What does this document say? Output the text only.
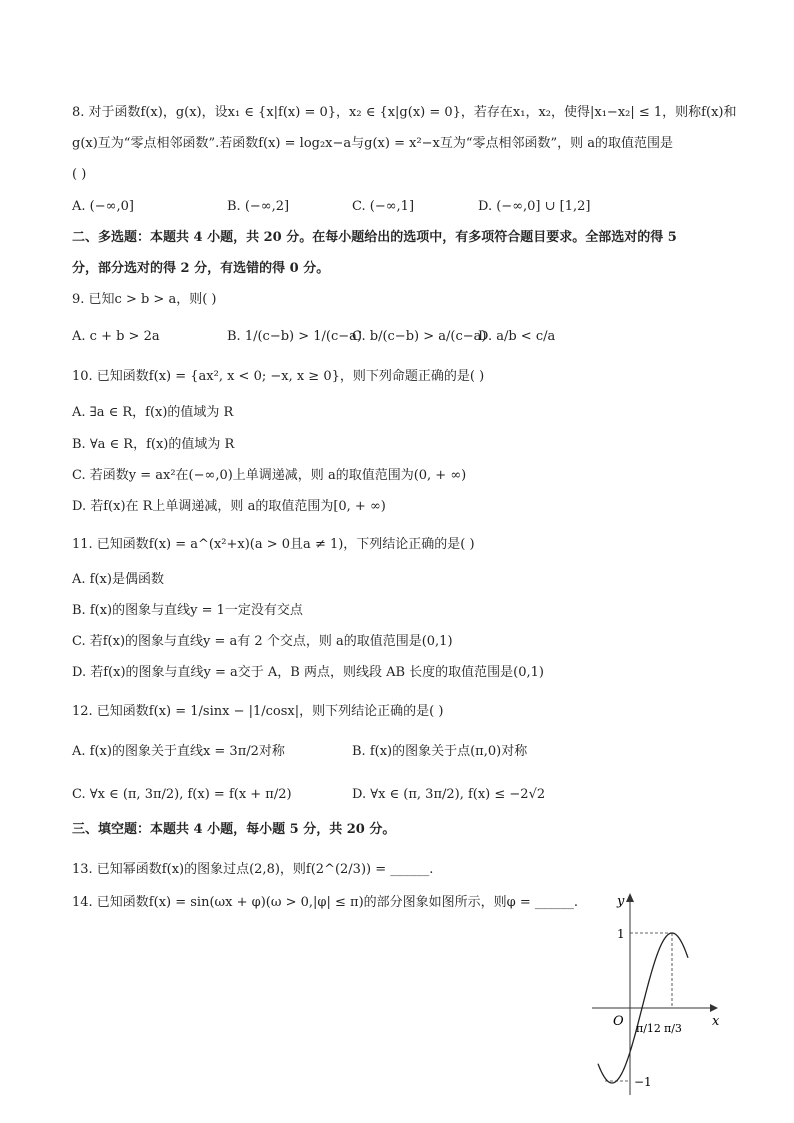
8. 对于函数f(x)，g(x)，设x₁ ∈ {x|f(x) = 0}，x₂ ∈ {x|g(x) = 0}，若存在x₁，x₂，使得|x₁−x₂| ≤ 1，则称f(x)和
g(x)互为“零点相邻函数”.若函数f(x) = log₂x−a与g(x) = x²−x互为“零点相邻函数”，则 a的取值范围是
( )
A. (−∞,0]	B. (−∞,2]	C. (−∞,1]	D. (−∞,0] ∪ [1,2]
二、多选题：本题共 4 小题，共 20 分。在每小题给出的选项中，有多项符合题目要求。全部选对的得 5
分，部分选对的得 2 分，有选错的得 0 分。
9. 已知c > b > a，则( )
A. c + b > 2a	B. 1/(c−b) > 1/(c−a)
C. b/(c−b) > a/(c−a)
D. a/b < c/a
10. 已知函数f(x) = {ax², x < 0; −x, x ≥ 0}，则下列命题正确的是( )
A. ∃a ∈ R，f(x)的值域为 R
B. ∀a ∈ R，f(x)的值域为 R
C. 若函数y = ax²在(−∞,0)上单调递减，则 a的取值范围为(0, + ∞)
D. 若f(x)在 R上单调递减，则 a的取值范围为[0, + ∞)
11. 已知函数f(x) = a^(x²+x)(a > 0且a ≠ 1)，下列结论正确的是( )
A. f(x)是偶函数
B. f(x)的图象与直线y = 1一定没有交点
C. 若f(x)的图象与直线y = a有 2 个交点，则 a的取值范围是(0,1)
D. 若f(x)的图象与直线y = a交于 A，B 两点，则线段 AB 长度的取值范围是(0,1)
12. 已知函数f(x) = 1/sinx − |1/cosx|，则下列结论正确的是( )
A. f(x)的图象关于直线x = 3π/2对称	B. f(x)的图象关于点(π,0)对称
C. ∀x ∈ (π, 3π/2), f(x) = f(x + π/2)	D. ∀x ∈ (π, 3π/2), f(x) ≤ −2√2
三、填空题：本题共 4 小题，每小题 5 分，共 20 分。
13. 已知幂函数f(x)的图象过点(2,8)，则f(2^(2/3)) = ______.
14. 已知函数f(x) = sin(ωx + φ)(ω > 0,|φ| ≤ π)的部分图象如图所示，则φ = ______.	y
x
O
1
−1
π/12 π/3
